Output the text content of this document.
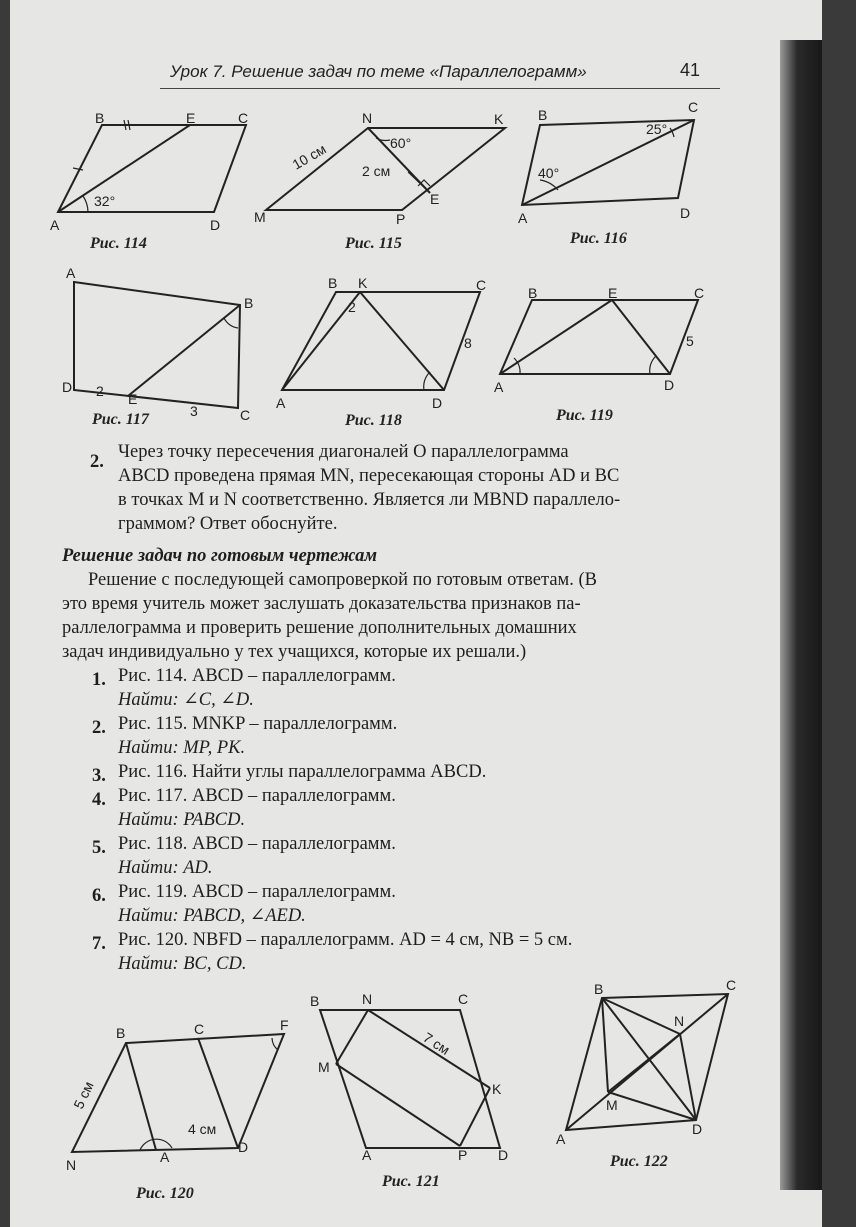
Урок 7. Решение задач по теме «Параллелограмм»	41
B	E	C
A	D
32°
Рис. 114
N	K
M	P
E
10 см 2 см
60°
Рис. 115
B	C
A	D
25°
40°
Рис. 116
A
B
D
E
C
2
3
Рис. 117
B K	C
A	D
2
8
Рис. 118
B	E	C
A	D
5
Рис. 119
B	C	F
N	A
D
5 см
4 см
Рис. 120
B	N	C
M
K
A	P D
7 см
Рис. 121
B	C
N
M
A
D
Рис. 122
2. Через точку пересечения диагоналей O параллелограмма
ABCD проведена прямая MN, пересекающая стороны AD и BC
в точках M и N соответственно. Является ли MBND параллело-
граммом? Ответ обоснуйте.
Решение задач по готовым чертежам
Решение с последующей самопроверкой по готовым ответам. (В
это время учитель может заслушать доказательства признаков па-
раллелограмма и проверить решение дополнительных домашних
задач индивидуально у тех учащихся, которые их решали.)
1. Рис. 114. ABCD – параллелограмм.
Найти: ∠C, ∠D.
2. Рис. 115. MNKP – параллелограмм.
Найти: MP, PK.
3. Рис. 116. Найти углы параллелограмма ABCD.
4. Рис. 117. ABCD – параллелограмм.
Найти: PABCD.
5. Рис. 118. ABCD – параллелограмм.
Найти: AD.
6. Рис. 119. ABCD – параллелограмм.
Найти: PABCD, ∠AED.
7. Рис. 120. NBFD – параллелограмм. AD = 4 см, NB = 5 см.
Найти: BC, CD.
